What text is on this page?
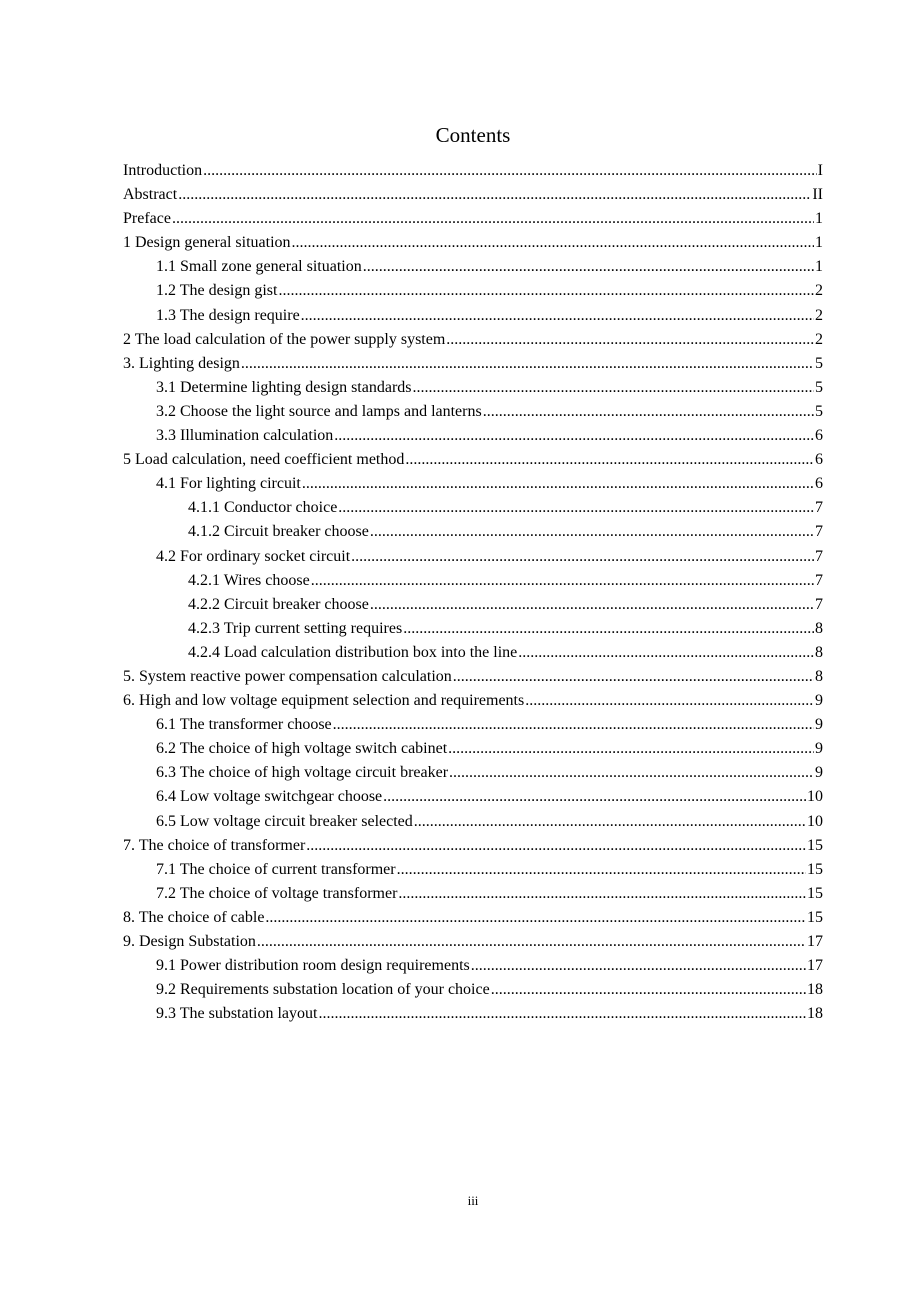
Contents
Introduction .....	I
Abstract .....	II
Preface .....	1
1 Design general situation .....	1
1.1 Small zone general situation .....	1
1.2 The design gist .....	2
1.3 The design require .....	2
2 The load calculation of the power supply system .....	2
3. Lighting design .....	5
3.1 Determine lighting design standards .....	5
3.2 Choose the light source and lamps and lanterns .....	5
3.3 Illumination calculation .....	6
5 Load calculation, need coefficient method .....	6
4.1 For lighting circuit .....	6
4.1.1 Conductor choice .....	7
4.1.2 Circuit breaker choose .....	7
4.2 For ordinary socket circuit .....	7
4.2.1 Wires choose .....	7
4.2.2 Circuit breaker choose .....	7
4.2.3 Trip current setting requires .....	8
4.2.4 Load calculation distribution box into the line .....	8
5. System reactive power compensation calculation .....	8
6. High and low voltage equipment selection and requirements .....	9
6.1 The transformer choose .....	9
6.2 The choice of high voltage switch cabinet .....	9
6.3 The choice of high voltage circuit breaker .....	9
6.4 Low voltage switchgear choose .....	10
6.5 Low voltage circuit breaker selected .....	10
7. The choice of transformer .....	15
7.1 The choice of current transformer .....	15
7.2 The choice of voltage transformer .....	15
8. The choice of cable .....	15
9. Design Substation .....	17
9.1 Power distribution room design requirements .....	17
9.2 Requirements substation location of your choice .....	18
9.3 The substation layout .....	18
iii
